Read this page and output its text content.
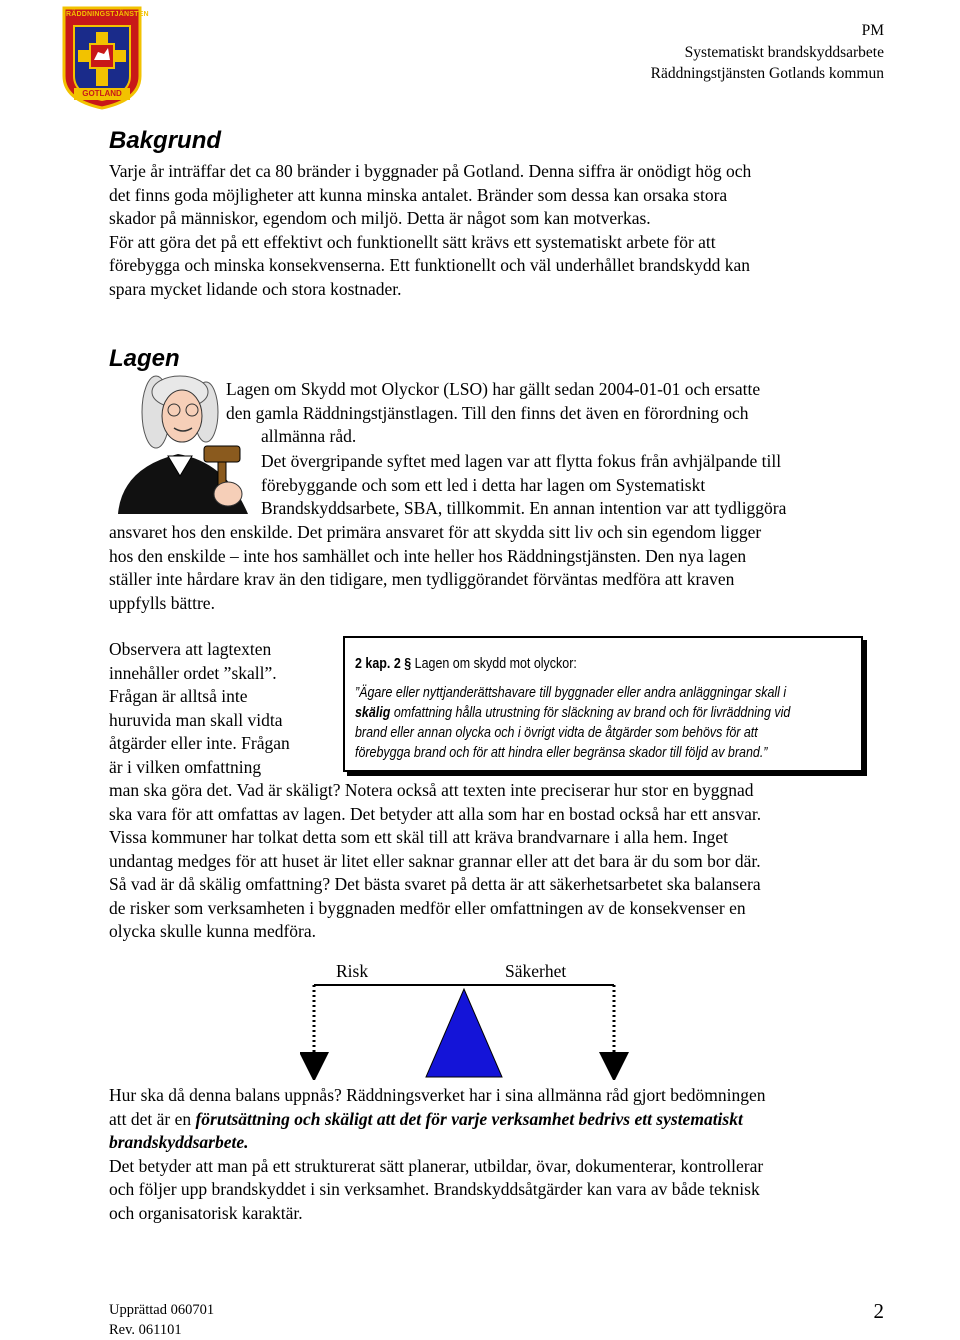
RÄDDNINGSTJÄNSTEN
GOTLAND
PM
Systematiskt brandskyddsarbete
Räddningstjänsten Gotlands kommun
Bakgrund
Varje år inträffar det ca 80 bränder i byggnader på Gotland. Denna siffra är onödigt hög och
det finns goda möjligheter att kunna minska antalet. Bränder som dessa kan orsaka stora
skador på människor, egendom och miljö. Detta är något som kan motverkas.
För att göra det på ett effektivt och funktionellt sätt krävs ett systematiskt arbete för att
förebygga och minska konsekvenserna. Ett funktionellt och väl underhållet brandskydd kan
spara mycket lidande och stora kostnader.
Lagen
Lagen om Skydd mot Olyckor (LSO) har gällt sedan 2004-01-01 och ersatte
den gamla Räddningstjänstlagen. Till den finns det även en förordning och
allmänna råd.
Det övergripande syftet med lagen var att flytta fokus från avhjälpande till
förebyggande och som ett led i detta har lagen om Systematiskt
Brandskyddsarbete, SBA, tillkommit. En annan intention var att tydliggöra
ansvaret hos den enskilde. Det primära ansvaret för att skydda sitt liv och sin egendom ligger
hos den enskilde – inte hos samhället och inte heller hos Räddningstjänsten. Den nya lagen
ställer inte hårdare krav än den tidigare, men tydliggörandet förväntas medföra att kraven
uppfylls bättre.
Observera att lagtexten
innehåller ordet ”skall”.
Frågan är alltså inte
huruvida man skall vidta
åtgärder eller inte. Frågan
är i vilken omfattning
man ska göra det. Vad är skäligt? Notera också att texten inte preciserar hur stor en byggnad
ska vara för att omfattas av lagen. Det betyder att alla som har en bostad också har ett ansvar.
Vissa kommuner har tolkat detta som ett skäl till att kräva brandvarnare i alla hem. Inget
undantag medges för att huset är litet eller saknar grannar eller att det bara är du som bor där.
Så vad är då skälig omfattning? Det bästa svaret på detta är att säkerhetsarbetet ska balansera
de risker som verksamheten i byggnaden medför eller omfattningen av de konsekvenser en
olycka skulle kunna medföra.
2 kap. 2 § Lagen om skydd mot olyckor:
”Ägare eller nyttjanderättshavare till byggnader eller andra anläggningar skall i
skälig omfattning hålla utrustning för släckning av brand och för livräddning vid
brand eller annan olycka och i övrigt vidta de åtgärder som behövs för att
förebygga brand och för att hindra eller begränsa skador till följd av brand.”
Risk	Säkerhet
Hur ska då denna balans uppnås? Räddningsverket har i sina allmänna råd gjort bedömningen
att det är en förutsättning och skäligt att det för varje verksamhet bedrivs ett systematiskt
brandskyddsarbete.
Det betyder att man på ett strukturerat sätt planerar, utbildar, övar, dokumenterar, kontrollerar
och följer upp brandskyddet i sin verksamhet. Brandskyddsåtgärder kan vara av både teknisk
och organisatorisk karaktär.
Upprättad 060701
Rev. 061101
2
